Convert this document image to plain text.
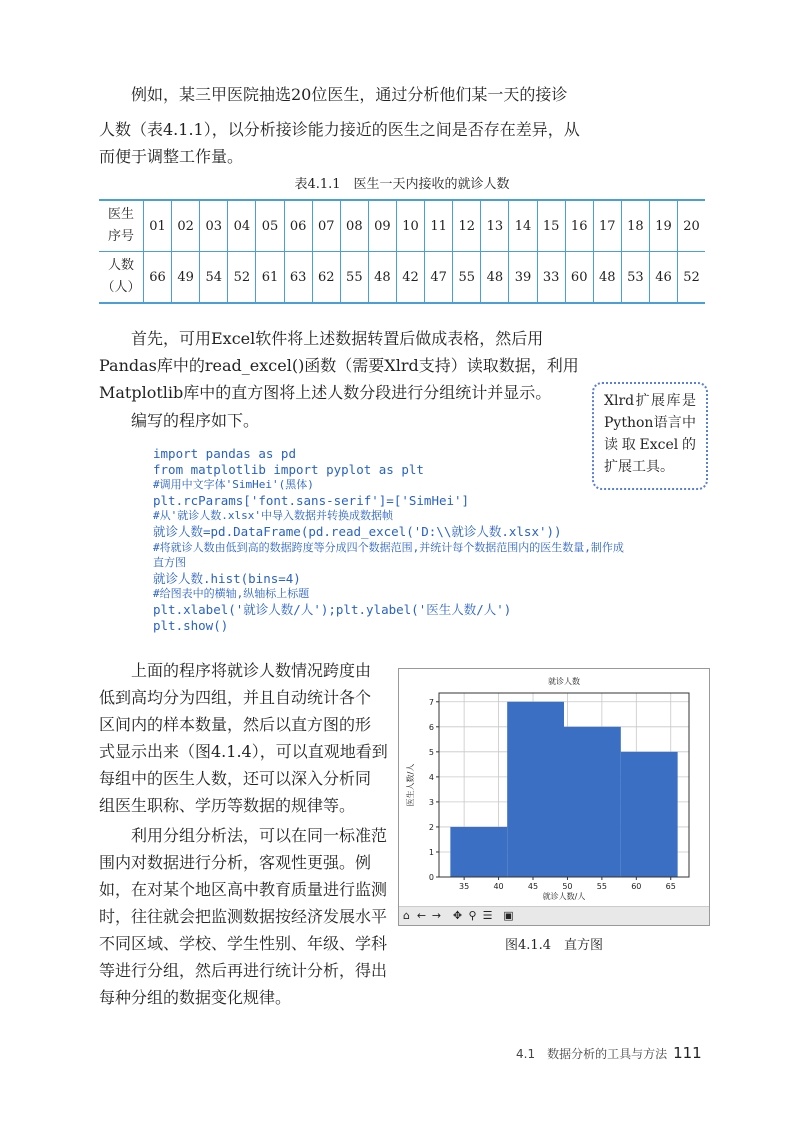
例如，某三甲医院抽选20位医生，通过分析他们某一天的接诊

人数（表4.1.1），以分析接诊能力接近的医生之间是否存在差异，从

而便于调整工作量。

表4.1.1　医生一天内接收的就诊人数
医生
序号	01	02	03	04	05	06	07	08	09	10	11	12	13	14	15	16	17	18	19	20
人数
（人）	66	49	54	52	61	63	62	55	48	42	47	55	48	39	33	60	48	53	46	52

首先，可用Excel软件将上述数据转置后做成表格，然后用

Pandas库中的read_excel()函数（需要Xlrd支持）读取数据，利用

Matplotlib库中的直方图将上述人数分段进行分组统计并显示。

编写的程序如下。

Xlrd扩展库是Python语言中读取Excel的扩展工具。
import pandas as pd
from matplotlib import pyplot as plt
#调用中文字体'SimHei'(黑体)
plt.rcParams['font.sans-serif']=['SimHei']
#从'就诊人数.xlsx'中导入数据并转换成数据帧
就诊人数=pd.DataFrame(pd.read_excel('D:\\就诊人数.xlsx'))
#将就诊人数由低到高的数据跨度等分成四个数据范围,并统计每个数据范围内的医生数量,制作成
直方图
就诊人数.hist(bins=4)
#给图表中的横轴,纵轴标上标题
plt.xlabel('就诊人数/人');plt.ylabel('医生人数/人')
plt.show()

上面的程序将就诊人数情况跨度由

低到高均分为四组，并且自动统计各个

区间内的样本数量，然后以直方图的形

式显示出来（图4.1.4），可以直观地看到

每组中的医生人数，还可以深入分析同

组医生职称、学历等数据的规律等。

利用分组分析法，可以在同一标准范

围内对数据进行分析，客观性更强。例

如，在对某个地区高中教育质量进行监测

时，往往就会把监测数据按经济发展水平

不同区域、学校、学生性别、年级、学科

等进行分组，然后再进行统计分析，得出

每种分组的数据变化规律。

35	40	45	50	55	60	65
0
1
2
3
4
5
6
7
就诊人数
就诊人数/人
医生人数/人
⌂ ← → ✥ ⚲ ☰ ▣
图4.1.4　直方图
4.1　数据分析的工具与方法 111
